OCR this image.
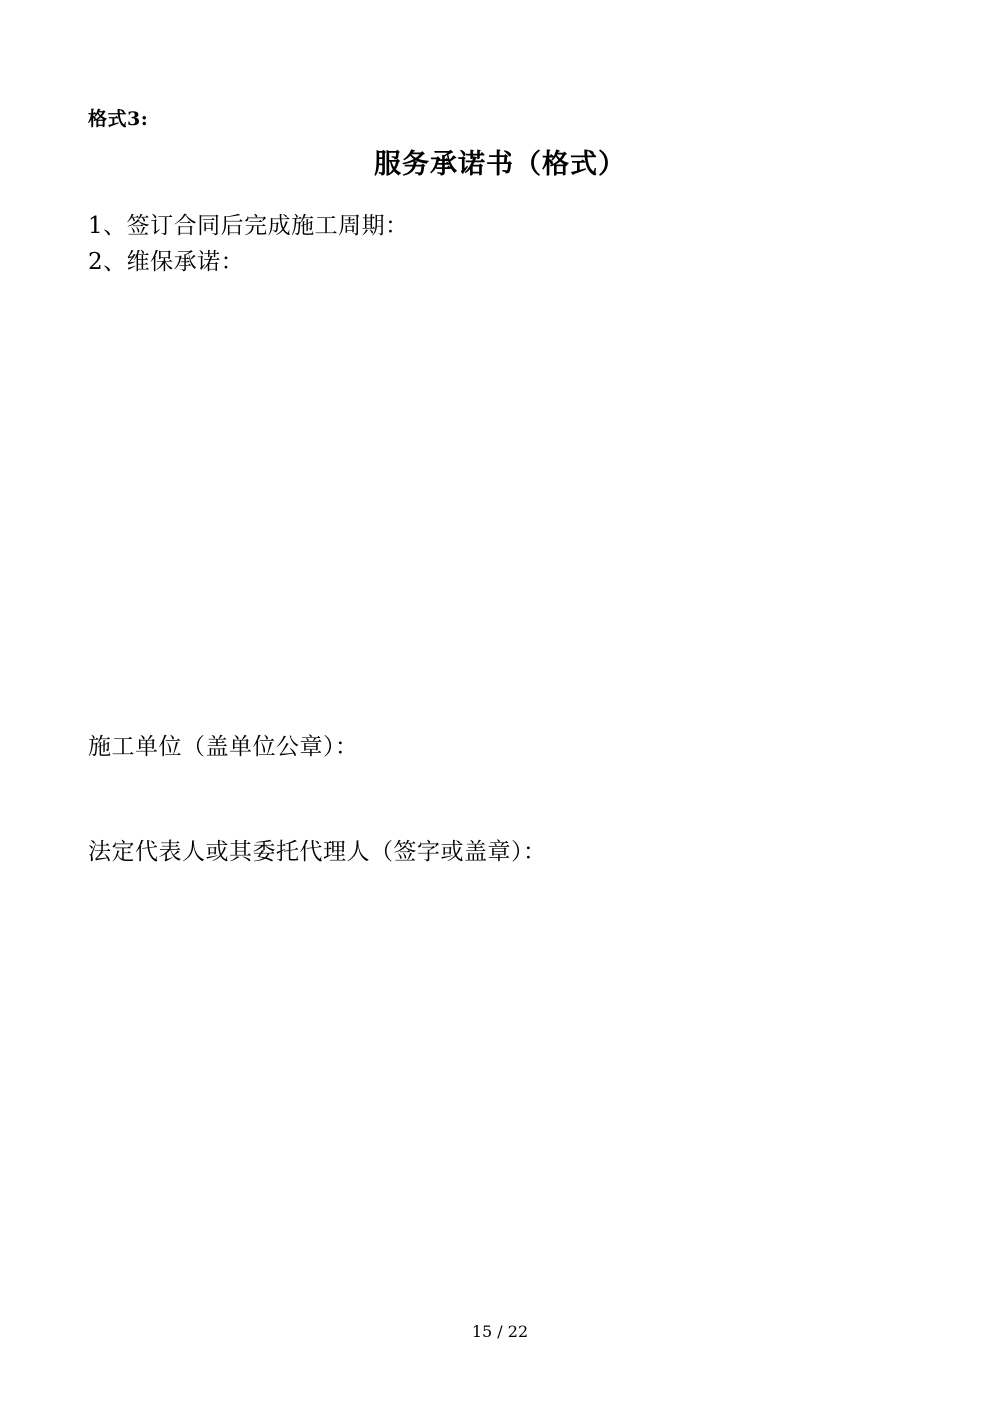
格式3:
服务承诺书（格式）
1、签订合同后完成施工周期：
2、维保承诺：
施工单位（盖单位公章）：
法定代表人或其委托代理人（签字或盖章）：
15 / 22
